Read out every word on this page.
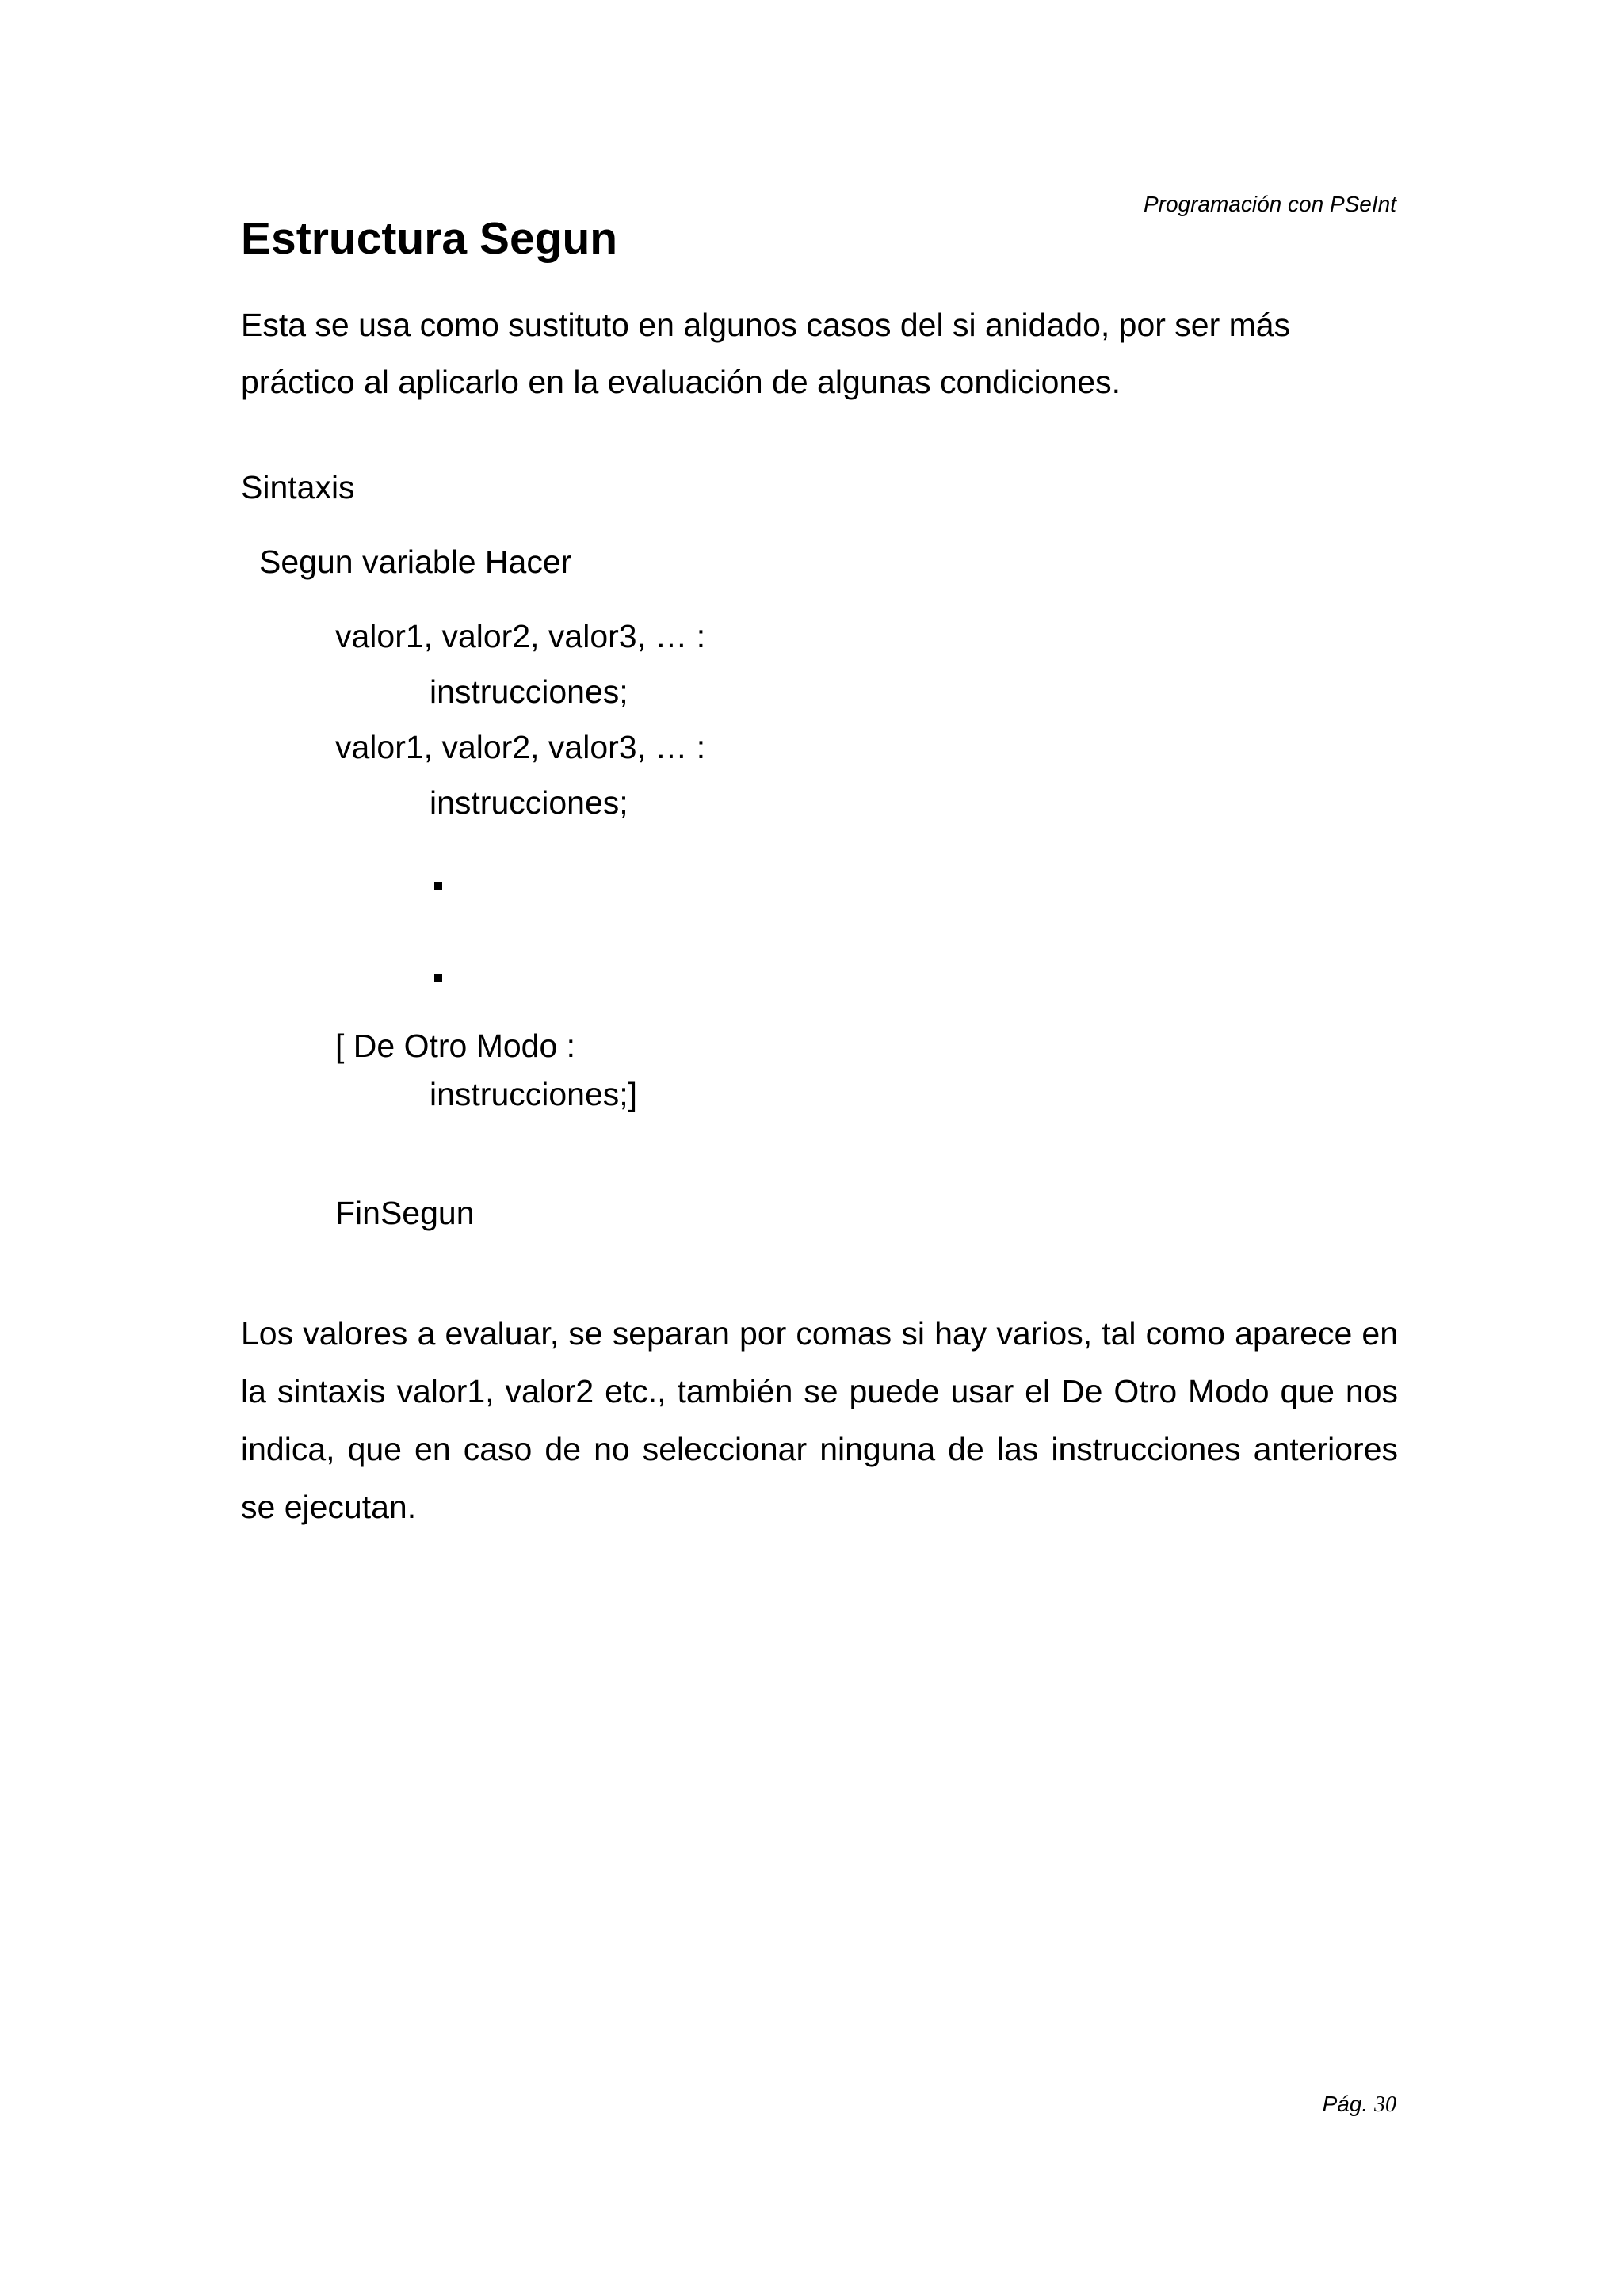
Programación con PSeInt
Estructura Segun

Esta se usa como sustituto en algunos casos del si anidado, por ser más
práctico al aplicarlo en la evaluación de algunas condiciones.

Sintaxis
Segun variable Hacer
valor1, valor2, valor3, … :
instrucciones;
valor1, valor2, valor3, … :
instrucciones;
[ De Otro Modo :
instrucciones;]
FinSegun

Los valores a evaluar, se separan por comas si hay varios, tal como aparece en la sintaxis valor1, valor2 etc., también se puede usar el De Otro Modo que nos indica, que en caso de no seleccionar ninguna de las instrucciones anteriores se ejecutan.

Pág. 30
